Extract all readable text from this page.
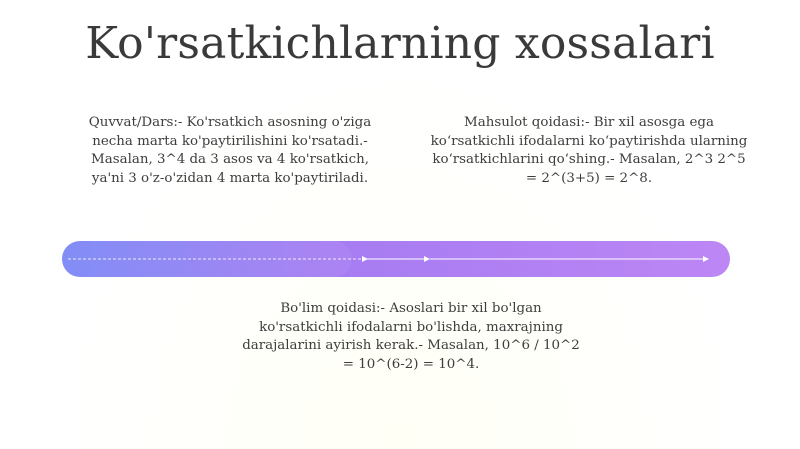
Ko'rsatkichlarning xossalari

Quvvat/Dars:- Ko'rsatkich asosning o'ziga necha marta ko'paytirilishini ko'rsatadi.- Masalan, 3^4 da 3 asos va 4 ko'rsatkich, ya'ni 3 o'z-o'zidan 4 marta ko'paytiriladi.

Mahsulot qoidasi:- Bir xil asosga ega ko‘rsatkichli ifodalarni ko‘paytirishda ularning ko‘rsatkichlarini qo‘shing.- Masalan, 2^3 2^5 = 2^(3+5) = 2^8.

Bo'lim qoidasi:- Asoslari bir xil bo'lgan ko'rsatkichli ifodalarni bo'lishda, maxrajning darajalarini ayirish kerak.- Masalan, 10^6 / 10^2 = 10^(6-2) = 10^4.
